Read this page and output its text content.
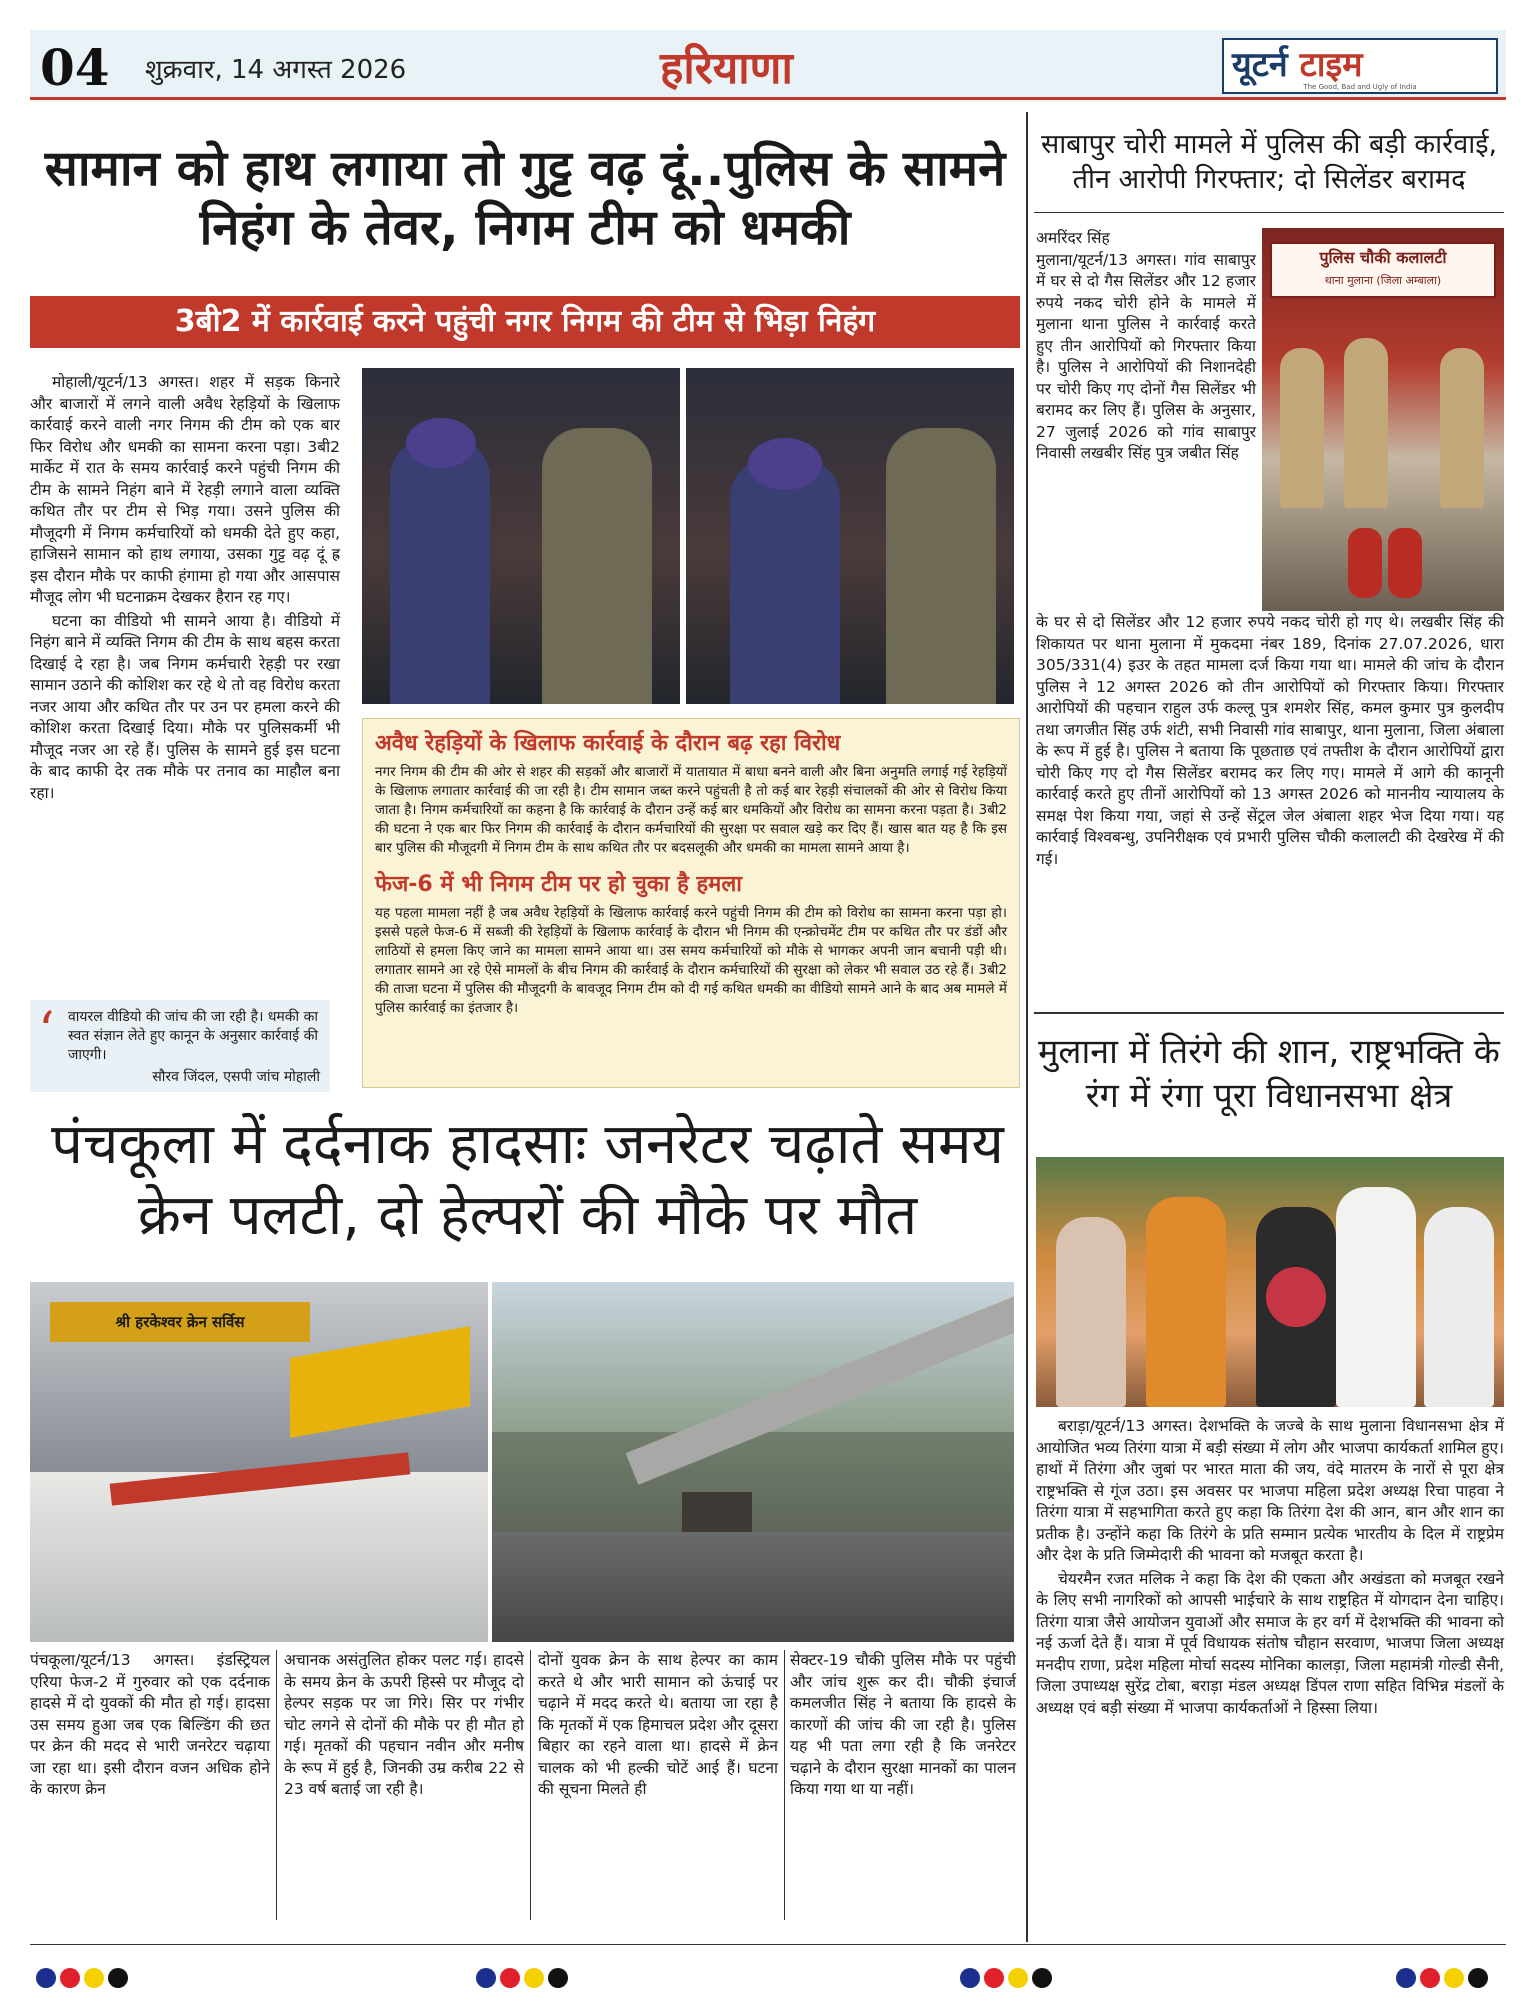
04 शुक्रवार, 14 अगस्त 2026	हरियाणा	यूटर्न टाइम
The Good, Bad and Ugly of India
सामान को हाथ लगाया तो गुट्ट वढ़ दूं..पुलिस के सामने निहंग के तेवर, निगम टीम को धमकी
3बी2 में कार्रवाई करने पहुंची नगर निगम की टीम से भिड़ा निहंग

मोहाली/यूटर्न/13 अगस्त। शहर में सड़क किनारे और बाजारों में लगने वाली अवैध रेहड़ियों के खिलाफ कार्रवाई करने वाली नगर निगम की टीम को एक बार फिर विरोध और धमकी का सामना करना पड़ा। 3बी2 मार्केट में रात के समय कार्रवाई करने पहुंची निगम की टीम के सामने निहंग बाने में रेहड़ी लगाने वाला व्यक्ति कथित तौर पर टीम से भिड़ गया। उसने पुलिस की मौजूदगी में निगम कर्मचारियों को धमकी देते हुए कहा, हाजिसने सामान को हाथ लगाया, उसका गुट्ट वढ़ दूं ह्र इस दौरान मौके पर काफी हंगामा हो गया और आसपास मौजूद लोग भी घटनाक्रम देखकर हैरान रह गए।

घटना का वीडियो भी सामने आया है। वीडियो में निहंग बाने में व्यक्ति निगम की टीम के साथ बहस करता दिखाई दे रहा है। जब निगम कर्मचारी रेहड़ी पर रखा सामान उठाने की कोशिश कर रहे थे तो वह विरोध करता नजर आया और कथित तौर पर उन पर हमला करने की कोशिश करता दिखाई दिया। मौके पर पुलिसकर्मी भी मौजूद नजर आ रहे हैं। पुलिस के सामने हुई इस घटना के बाद काफी देर तक मौके पर तनाव का माहौल बना रहा।

अवैध रेहड़ियों के खिलाफ कार्रवाई के दौरान बढ़ रहा विरोध
नगर निगम की टीम की ओर से शहर की सड़कों और बाजारों में यातायात में बाधा बनने वाली और बिना अनुमति लगाई गई रेहड़ियों के खिलाफ लगातार कार्रवाई की जा रही है। टीम सामान जब्त करने पहुंचती है तो कई बार रेहड़ी संचालकों की ओर से विरोध किया जाता है। निगम कर्मचारियों का कहना है कि कार्रवाई के दौरान उन्हें कई बार धमकियों और विरोध का सामना करना पड़ता है। 3बी2 की घटना ने एक बार फिर निगम की कार्रवाई के दौरान कर्मचारियों की सुरक्षा पर सवाल खड़े कर दिए हैं। खास बात यह है कि इस बार पुलिस की मौजूदगी में निगम टीम के साथ कथित तौर पर बदसलूकी और धमकी का मामला सामने आया है।
फेज-6 में भी निगम टीम पर हो चुका है हमला
यह पहला मामला नहीं है जब अवैध रेहड़ियों के खिलाफ कार्रवाई करने पहुंची निगम की टीम को विरोध का सामना करना पड़ा हो। इससे पहले फेज-6 में सब्जी की रेहड़ियों के खिलाफ कार्रवाई के दौरान भी निगम की एन्क्रोचमेंट टीम पर कथित तौर पर डंडों और लाठियों से हमला किए जाने का मामला सामने आया था। उस समय कर्मचारियों को मौके से भागकर अपनी जान बचानी पड़ी थी। लगातार सामने आ रहे ऐसे मामलों के बीच निगम की कार्रवाई के दौरान कर्मचारियों की सुरक्षा को लेकर भी सवाल उठ रहे हैं। 3बी2 की ताजा घटना में पुलिस की मौजूदगी के बावजूद निगम टीम को दी गई कथित धमकी का वीडियो सामने आने के बाद अब मामले में पुलिस कार्रवाई का इंतजार है।
‘ वायरल वीडियो की जांच की जा रही है। धमकी का स्वत संज्ञान लेते हुए कानून के अनुसार कार्रवाई की जाएगी।
सौरव जिंदल, एसपी जांच मोहाली
पंचकूला में दर्दनाक हादसाः जनरेटर चढ़ाते समय क्रेन पलटी, दो हेल्परों की मौके पर मौत
श्री हरकेश्वर क्रेन सर्विस
पंचकूला/यूटर्न/13 अगस्त। इंडस्ट्रियल एरिया फेज-2 में गुरुवार को एक दर्दनाक हादसे में दो युवकों की मौत हो गई। हादसा उस समय हुआ जब एक बिल्डिंग की छत पर क्रेन की मदद से भारी जनरेटर चढ़ाया जा रहा था। इसी दौरान वजन अधिक होने के कारण क्रेन
अचानक असंतुलित होकर पलट गई। हादसे के समय क्रेन के ऊपरी हिस्से पर मौजूद दो हेल्पर सड़क पर जा गिरे। सिर पर गंभीर चोट लगने से दोनों की मौके पर ही मौत हो गई। मृतकों की पहचान नवीन और मनीष के रूप में हुई है, जिनकी उम्र करीब 22 से 23 वर्ष बताई जा रही है।
दोनों युवक क्रेन के साथ हेल्पर का काम करते थे और भारी सामान को ऊंचाई पर चढ़ाने में मदद करते थे। बताया जा रहा है कि मृतकों में एक हिमाचल प्रदेश और दूसरा बिहार का रहने वाला था। हादसे में क्रेन चालक को भी हल्की चोटें आई हैं। घटना की सूचना मिलते ही
सेक्टर-19 चौकी पुलिस मौके पर पहुंची और जांच शुरू कर दी। चौकी इंचार्ज कमलजीत सिंह ने बताया कि हादसे के कारणों की जांच की जा रही है। पुलिस यह भी पता लगा रही है कि जनरेटर चढ़ाने के दौरान सुरक्षा मानकों का पालन किया गया था या नहीं।
साबापुर चोरी मामले में पुलिस की बड़ी कार्रवाई, तीन आरोपी गिरफ्तार; दो सिलेंडर बरामद
अमरिंदर सिंह
मुलाना/यूटर्न/13 अगस्त। गांव साबापुर में घर से दो गैस सिलेंडर और 12 हजार रुपये नकद चोरी होने के मामले में मुलाना थाना पुलिस ने कार्रवाई करते हुए तीन आरोपियों को गिरफ्तार किया है। पुलिस ने आरोपियों की निशानदेही पर चोरी किए गए दोनों गैस सिलेंडर भी बरामद कर लिए हैं। पुलिस के अनुसार, 27 जुलाई 2026 को गांव साबापुर निवासी लखबीर सिंह पुत्र जबीत सिंह
पुलिस चौकी कलालटी
थाना मुलाना (जिला अम्बाला)
के घर से दो सिलेंडर और 12 हजार रुपये नकद चोरी हो गए थे। लखबीर सिंह की शिकायत पर थाना मुलाना में मुकदमा नंबर 189, दिनांक 27.07.2026, धारा 305/331(4) इउर के तहत मामला दर्ज किया गया था। मामले की जांच के दौरान पुलिस ने 12 अगस्त 2026 को तीन आरोपियों को गिरफ्तार किया। गिरफ्तार आरोपियों की पहचान राहुल उर्फ कल्लू पुत्र शमशेर सिंह, कमल कुमार पुत्र कुलदीप तथा जगजीत सिंह उर्फ शंटी, सभी निवासी गांव साबापुर, थाना मुलाना, जिला अंबाला के रूप में हुई है। पुलिस ने बताया कि पूछताछ एवं तफ्तीश के दौरान आरोपियों द्वारा चोरी किए गए दो गैस सिलेंडर बरामद कर लिए गए। मामले में आगे की कानूनी कार्रवाई करते हुए तीनों आरोपियों को 13 अगस्त 2026 को माननीय न्यायालय के समक्ष पेश किया गया, जहां से उन्हें सेंट्रल जेल अंबाला शहर भेज दिया गया। यह कार्रवाई विश्वबन्धु, उपनिरीक्षक एवं प्रभारी पुलिस चौकी कलालटी की देखरेख में की गई।
मुलाना में तिरंगे की शान, राष्ट्रभक्ति के रंग में रंगा पूरा विधानसभा क्षेत्र

बराड़ा/यूटर्न/13 अगस्त। देशभक्ति के जज्बे के साथ मुलाना विधानसभा क्षेत्र में आयोजित भव्य तिरंगा यात्रा में बड़ी संख्या में लोग और भाजपा कार्यकर्ता शामिल हुए। हाथों में तिरंगा और जुबां पर भारत माता की जय, वंदे मातरम के नारों से पूरा क्षेत्र राष्ट्रभक्ति से गूंज उठा। इस अवसर पर भाजपा महिला प्रदेश अध्यक्ष रिचा पाहवा ने तिरंगा यात्रा में सहभागिता करते हुए कहा कि तिरंगा देश की आन, बान और शान का प्रतीक है। उन्होंने कहा कि तिरंगे के प्रति सम्मान प्रत्येक भारतीय के दिल में राष्ट्रप्रेम और देश के प्रति जिम्मेदारी की भावना को मजबूत करता है।

चेयरमैन रजत मलिक ने कहा कि देश की एकता और अखंडता को मजबूत रखने के लिए सभी नागरिकों को आपसी भाईचारे के साथ राष्ट्रहित में योगदान देना चाहिए। तिरंगा यात्रा जैसे आयोजन युवाओं और समाज के हर वर्ग में देशभक्ति की भावना को नई ऊर्जा देते हैं। यात्रा में पूर्व विधायक संतोष चौहान सरवाण, भाजपा जिला अध्यक्ष मनदीप राणा, प्रदेश महिला मोर्चा सदस्य मोनिका कालड़ा, जिला महामंत्री गोल्डी सैनी, जिला उपाध्यक्ष सुरेंद्र टोबा, बराड़ा मंडल अध्यक्ष डिंपल राणा सहित विभिन्न मंडलों के अध्यक्ष एवं बड़ी संख्या में भाजपा कार्यकर्ताओं ने हिस्सा लिया।
